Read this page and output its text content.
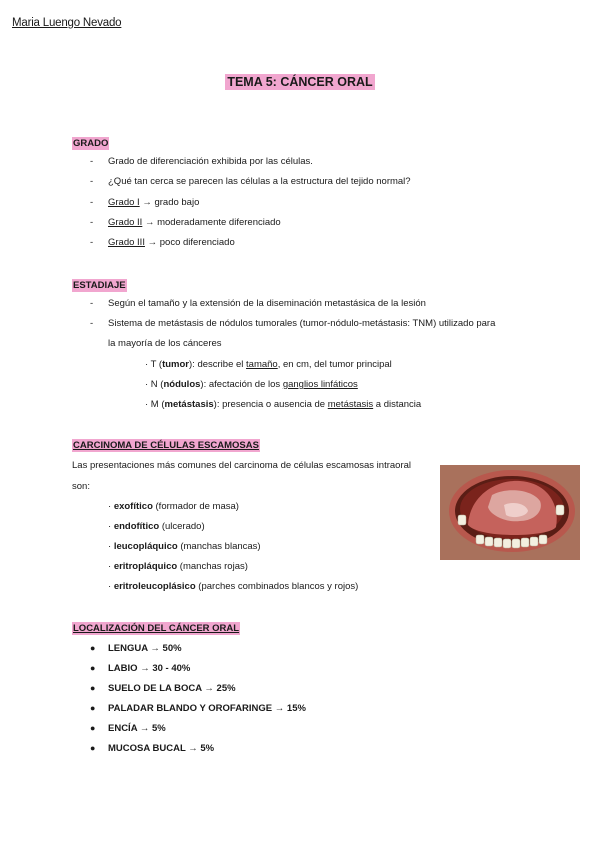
Maria Luengo Nevado
TEMA 5: CÁNCER ORAL
GRADO
- Grado de diferenciación exhibida por las células.
- ¿Qué tan cerca se parecen las células a la estructura del tejido normal?
- Grado I → grado bajo
- Grado II → moderadamente diferenciado
- Grado III → poco diferenciado
ESTADIAJE
- Según el tamaño y la extensión de la diseminación metastásica de la lesión
- Sistema de metástasis de nódulos tumorales (tumor-nódulo-metástasis: TNM) utilizado para
la mayoría de los cánceres
· T (tumor): describe el tamaño, en cm, del tumor principal
· N (nódulos): afectación de los ganglios linfáticos
· M (metástasis): presencia o ausencia de metástasis a distancia
CARCINOMA DE CÉLULAS ESCAMOSAS
Las presentaciones más comunes del carcinoma de células escamosas intraoral
son:
· exofítico (formador de masa)
· endofítico (ulcerado)
· leucopláquico (manchas blancas)
· eritropláquico (manchas rojas)
· eritroleucoplásico (parches combinados blancos y rojos)
LOCALIZACIÓN DEL CÁNCER ORAL
● LENGUA → 50%
● LABIO → 30 - 40%
● SUELO DE LA BOCA → 25%
● PALADAR BLANDO Y OROFARINGE → 15%
● ENCÍA → 5%
● MUCOSA BUCAL → 5%
